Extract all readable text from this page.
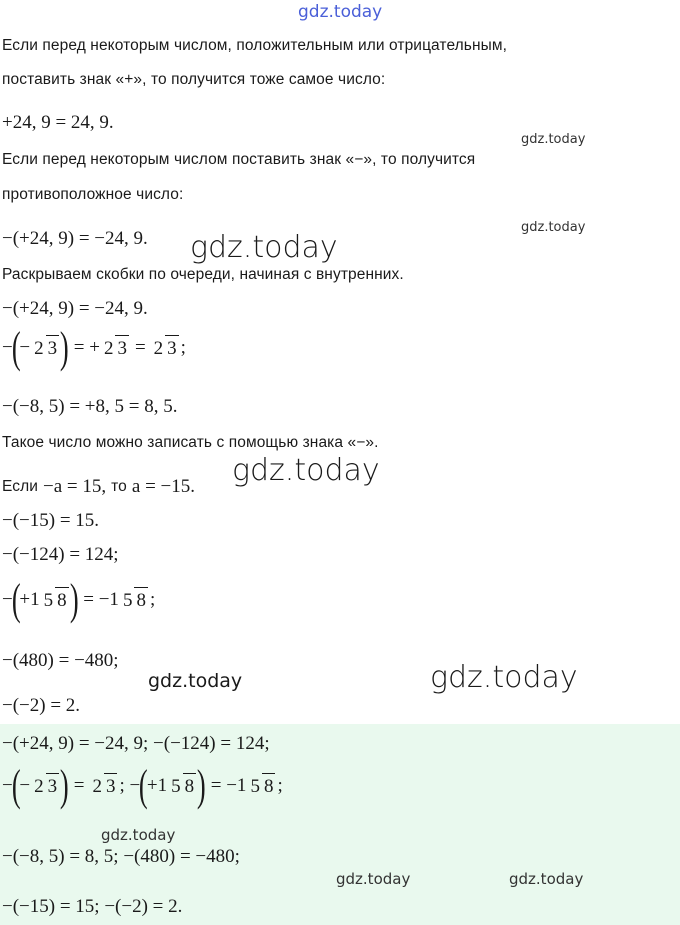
gdz.today
gdz.today
gdz.today
gdz.today
gdz.today
gdz.today	gdz.today
gdz.today
gdz.today	gdz.today
Если перед некоторым числом, положительным или отрицательным,
поставить знак «+», то получится тоже самое число:
+24, 9 = 24, 9.
Если перед некоторым числом поставить знак «−», то получится
противоположное число:
−(+24, 9) = −24, 9.
Раскрываем скобки по очереди, начиная с внутренних.
−(+24, 9) = −24, 9.
−
(
− 2 3 ) = + 2 3 = 2 3 ;
−(−8, 5) = +8, 5 = 8, 5.
Такое число можно записать с помощью знака «−».
Если −a = 15, то a = −15.
−(−15) = 15.
−(−124) = 124;
−
(
+1 5 8 ) = −1 5 8 ;
−(480) = −480;
−(−2) = 2.
−(+24, 9) = −24, 9; −(−124) = 124;
−
(
− 2 3 ) = 2 3 ; −
(
+1 5 8 ) = −1 5 8 ;
−(−8, 5) = 8, 5; −(480) = −480;
−(−15) = 15; −(−2) = 2.
